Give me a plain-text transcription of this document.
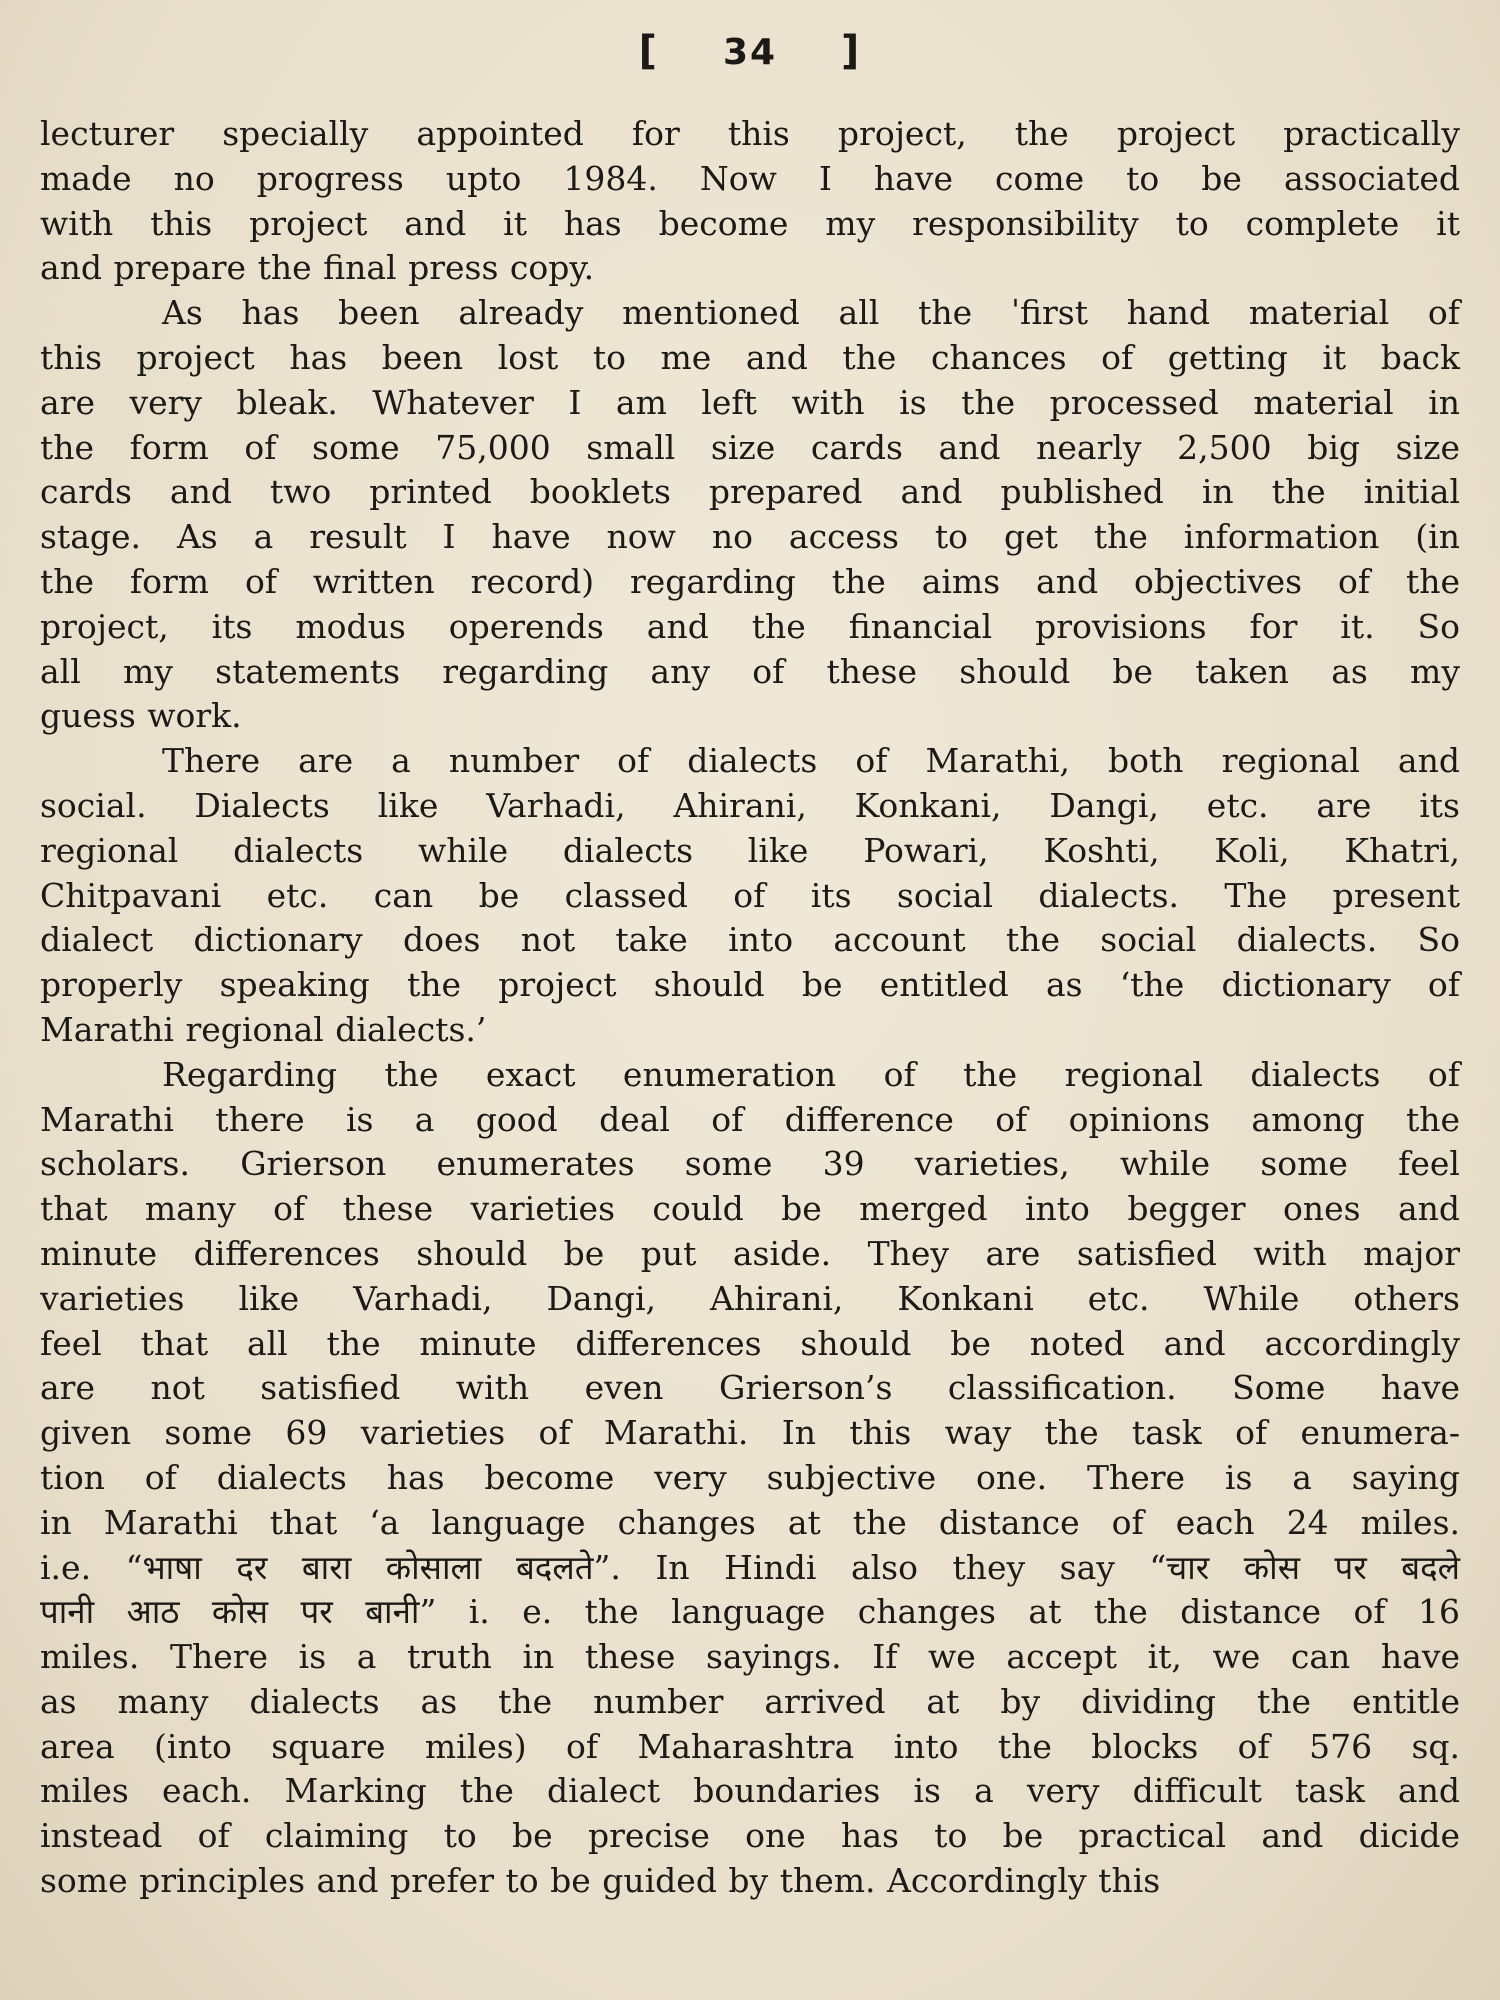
[ 34 ]
lecturer specially appointed for this project, the project practically
made no progress upto 1984. Now I have come to be associated
with this project and it has become my responsibility to complete it
and prepare the final press copy.
As has been already mentioned all the ˈfirst hand material of
this project has been lost to me and the chances of getting it back
are very bleak. Whatever I am left with is the processed material in
the form of some 75,000 small size cards and nearly 2,500 big size
cards and two printed booklets prepared and published in the initial
stage. As a result I have now no access to get the information (in
the form of written record) regarding the aims and objectives of the
project, its modus operends and the financial provisions for it. So
all my statements regarding any of these should be taken as my
guess work.
There are a number of dialects of Marathi, both regional and
social. Dialects like Varhadi, Ahirani, Konkani, Dangi, etc. are its
regional dialects while dialects like Powari, Koshti, Koli, Khatri,
Chitpavani etc. can be classed of its social dialects. The present
dialect dictionary does not take into account the social dialects. So
properly speaking the project should be entitled as ‘the dictionary of
Marathi regional dialects.’
Regarding the exact enumeration of the regional dialects of
Marathi there is a good deal of difference of opinions among the
scholars. Grierson enumerates some 39 varieties, while some feel
that many of these varieties could be merged into begger ones and
minute differences should be put aside. They are satisfied with major
varieties like Varhadi, Dangi, Ahirani, Konkani etc. While others
feel that all the minute differences should be noted and accordingly
are not satisfied with even Grierson’s classification. Some have
given some 69 varieties of Marathi. In this way the task of enumera-
tion of dialects has become very subjective one. There is a saying
in Marathi that ‘a language changes at the distance of each 24 miles.
i.e. “भाषा दर बारा कोसाला बदलते”. In Hindi also they say “चार कोस पर बदले
पानी आठ कोस पर बानी” i. e. the language changes at the distance of 16
miles. There is a truth in these sayings. If we accept it, we can have
as many dialects as the number arrived at by dividing the entitle
area (into square miles) of Maharashtra into the blocks of 576 sq.
miles each. Marking the dialect boundaries is a very difficult task and
instead of claiming to be precise one has to be practical and dicide
some principles and prefer to be guided by them. Accordingly this
